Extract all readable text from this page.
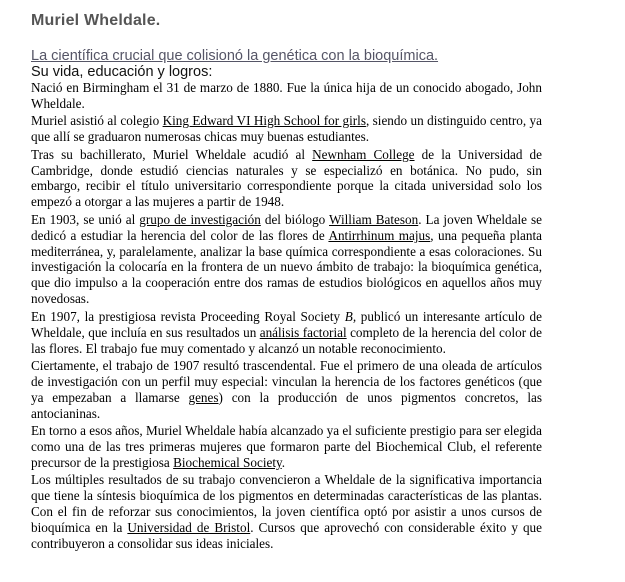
Muriel Wheldale.
La científica crucial que colisionó la genética con la bioquímica.
Su vida, educación y logros:

Nació en Birmingham el 31 de marzo de 1880. Fue la única hija de un conocido abogado, John Wheldale.

Muriel asistió al colegio King Edward VI High School for girls, siendo un distinguido centro, ya que allí se graduaron numerosas chicas muy buenas estudiantes.

Tras su bachillerato, Muriel Wheldale acudió al Newnham College de la Universidad de Cambridge, donde estudió ciencias naturales y se especializó en botánica. No pudo, sin embargo, recibir el título universitario correspondiente porque la citada universidad solo los empezó a otorgar a las mujeres a partir de 1948.

En 1903, se unió al grupo de investigación del biólogo William Bateson. La joven Wheldale se dedicó a estudiar la herencia del color de las flores de Antirrhinum majus, una pequeña planta mediterránea, y, paralelamente, analizar la base química correspondiente a esas coloraciones. Su investigación la colocaría en la frontera de un nuevo ámbito de trabajo: la bioquímica genética, que dio impulso a la cooperación entre dos ramas de estudios biológicos en aquellos años muy novedosas.

En 1907, la prestigiosa revista Proceeding Royal Society B, publicó un interesante artículo de Wheldale, que incluía en sus resultados un análisis factorial completo de la herencia del color de las flores. El trabajo fue muy comentado y alcanzó un notable reconocimiento.

Ciertamente, el trabajo de 1907 resultó trascendental. Fue el primero de una oleada de artículos de investigación con un perfil muy especial: vinculan la herencia de los factores genéticos (que ya empezaban a llamarse genes) con la producción de unos pigmentos concretos, las antocianinas.

En torno a esos años, Muriel Wheldale había alcanzado ya el suficiente prestigio para ser elegida como una de las tres primeras mujeres que formaron parte del Biochemical Club, el referente precursor de la prestigiosa Biochemical Society.

Los múltiples resultados de su trabajo convencieron a Wheldale de la significativa importancia que tiene la síntesis bioquímica de los pigmentos en determinadas características de las plantas. Con el fin de reforzar sus conocimientos, la joven científica optó por asistir a unos cursos de bioquímica en la Universidad de Bristol. Cursos que aprovechó con considerable éxito y que contribuyeron a consolidar sus ideas iniciales.
